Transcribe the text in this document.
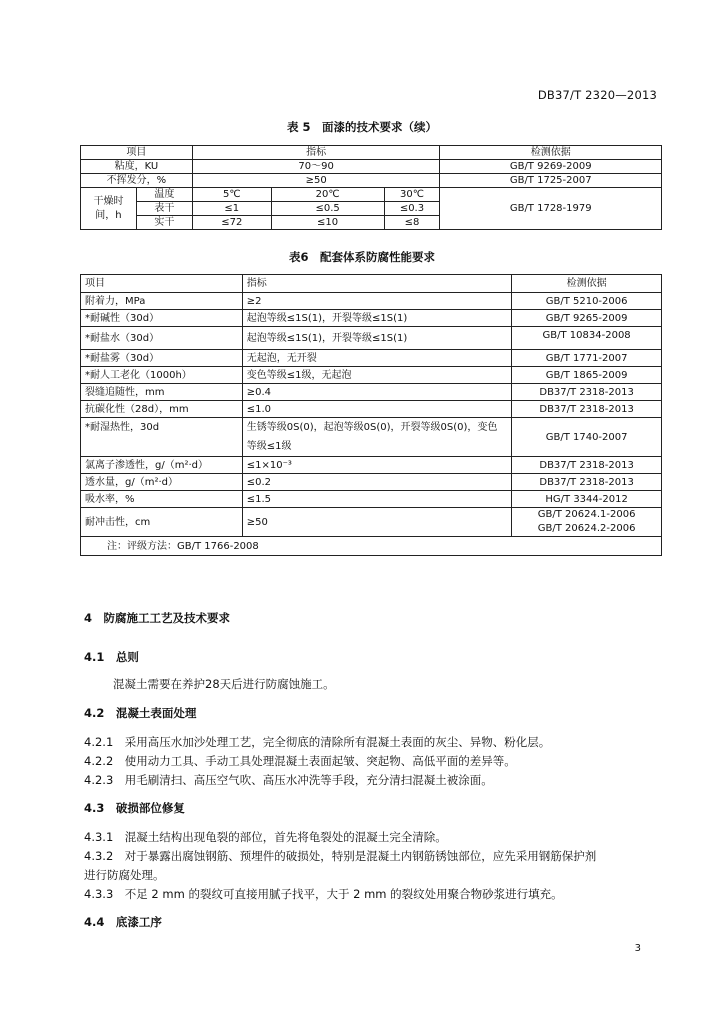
DB37/T 2320—2013
表 5　面漆的技术要求（续）
项目		指标			检测依据
粘度，KU		70～90			GB/T 9269-2009
不挥发分，%		≥50			GB/T 1725-2007
干燥时间，h	温度	5℃	20℃	30℃	GB/T 1728-1979
	表干	≤1	≤0.5	≤0.3	
	实干	≤72	≤10	≤8	
表6　配套体系防腐性能要求
项目	指标	检测依据
附着力，MPa	≥2	GB/T 5210-2006
*耐碱性（30d）	起泡等级≤1S(1)，开裂等级≤1S(1)	GB/T 9265-2009
*耐盐水（30d）	起泡等级≤1S(1)，开裂等级≤1S(1)	GB/T 10834-2008
*耐盐雾（30d）	无起泡，无开裂	GB/T 1771-2007
*耐人工老化（1000h）	变色等级≤1级，无起泡	GB/T 1865-2009
裂缝追随性，mm	≥0.4	DB37/T 2318-2013
抗碳化性（28d），mm	≤1.0	DB37/T 2318-2013
*耐湿热性，30d	生锈等级0S(0)，起泡等级0S(0)，开裂等级0S(0)，变色
等级≤1级	GB/T 1740-2007
氯离子渗透性，g/（m²·d）	≤1×10⁻³	DB37/T 2318-2013
透水量，g/（m²·d）	≤0.2	DB37/T 2318-2013
吸水率，%	≤1.5	HG/T 3344-2012
耐冲击性，cm	≥50	GB/T 20624.1-2006
GB/T 20624.2-2006

注：评级方法：GB/T 1766-2008		
4　防腐施工工艺及技术要求
4.1　总则
混凝土需要在养护28天后进行防腐蚀施工。
4.2　混凝土表面处理
4.2.1　采用高压水加沙处理工艺，完全彻底的清除所有混凝土表面的灰尘、异物、粉化层。
4.2.2　使用动力工具、手动工具处理混凝土表面起皱、突起物、高低平面的差异等。
4.2.3　用毛刷清扫、高压空气吹、高压水冲洗等手段，充分清扫混凝土被涂面。
4.3　破损部位修复
4.3.1　混凝土结构出现龟裂的部位，首先将龟裂处的混凝土完全清除。
4.3.2　对于暴露出腐蚀钢筋、预埋件的破损处，特别是混凝土内钢筋锈蚀部位，应先采用钢筋保护剂
进行防腐处理。
4.3.3　不足 2 mm 的裂纹可直接用腻子找平，大于 2 mm 的裂纹处用聚合物砂浆进行填充。
4.4　底漆工序
3
